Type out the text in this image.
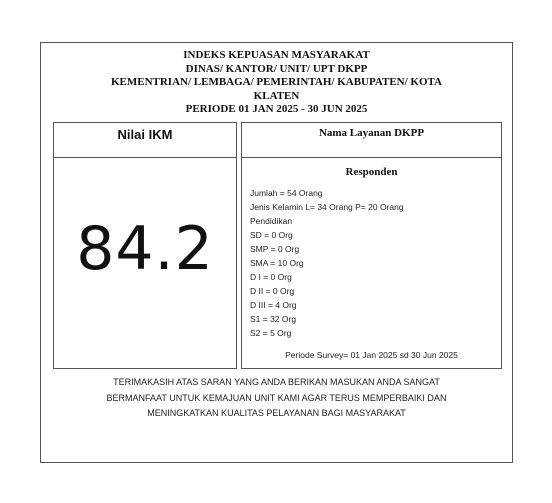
INDEKS KEPUASAN MASYARAKAT
DINAS/ KANTOR/ UNIT/ UPT DKPP
KEMENTRIAN/ LEMBAGA/ PEMERINTAH/ KABUPATEN/ KOTA
KLATEN
PERIODE 01 JAN 2025 - 30 JUN 2025
Nilai IKM
84.2
Nama Layanan DKPP
Responden
Jumlah = 54 Orang
Jenis Kelamin L= 34 Orang P= 20 Orang
Pendidikan
SD = 0 Org
SMP = 0 Org
SMA = 10 Org
D I = 0 Org
D II = 0 Org
D III = 4 Org
S1 = 32 Org
S2 = 5 Org
Periode Survey= 01 Jan 2025 sd 30 Jun 2025
TERIMAKASIH ATAS SARAN YANG ANDA BERIKAN MASUKAN ANDA SANGAT
BERMANFAAT UNTUK KEMAJUAN UNIT KAMI AGAR TERUS MEMPERBAIKI DAN
MENINGKATKAN KUALITAS PELAYANAN BAGI MASYARAKAT
